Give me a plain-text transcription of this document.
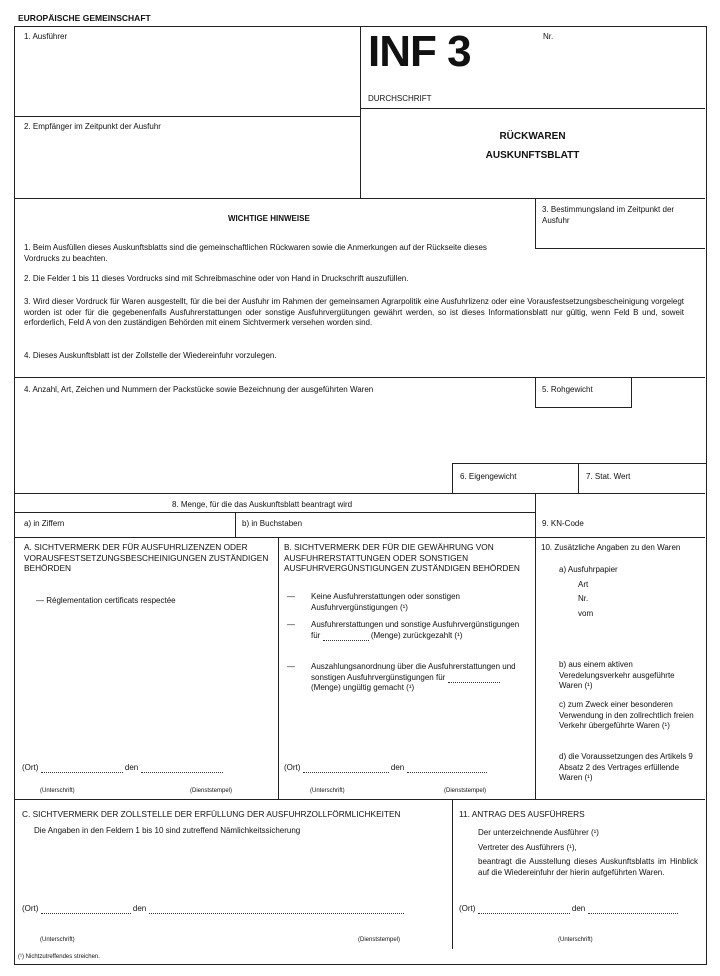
EUROPÄISCHE GEMEINSCHAFT
1. Ausführer	INF 3	Nr.
DURCHSCHRIFT
2. Empfänger im Zeitpunkt der Ausfuhr
RÜCKWAREN
AUSKUNFTSBLATT
3. Bestimmungsland im Zeitpunkt der Ausfuhr
WICHTIGE HINWEISE
1. Beim Ausfüllen dieses Auskunftsblatts sind die gemeinschaftlichen Rückwaren sowie die Anmerkungen auf der Rückseite dieses Vordrucks zu beachten.
2. Die Felder 1 bis 11 dieses Vordrucks sind mit Schreibmaschine oder von Hand in Druckschrift auszufüllen.
3. Wird dieser Vordruck für Waren ausgestellt, für die bei der Ausfuhr im Rahmen der gemeinsamen Agrarpolitik eine Ausfuhrlizenz oder eine Vorausfestsetzungsbescheinigung vorgelegt worden ist oder für die gegebenenfalls Ausfuhrerstattungen oder sonstige Ausfuhrvergütungen gewährt werden, so ist dieses Informationsblatt nur gültig, wenn Feld B und, soweit erforderlich, Feld A von den zuständigen Behörden mit einem Sichtvermerk versehen worden sind.
4. Dieses Auskunftsblatt ist der Zollstelle der Wiedereinfuhr vorzulegen.
4. Anzahl, Art, Zeichen und Nummern der Packstücke sowie Bezeichnung der ausgeführten Waren	5. Rohgewicht
6. Eigengewicht	7. Stat. Wert
8. Menge, für die das Auskunftsblatt beantragt wird
a) in Ziffern	b) in Buchstaben	9. KN-Code
A. SICHTVERMERK DER FÜR AUSFUHRLIZENZEN ODER VORAUSFESTSETZUNGSBESCHEINIGUNGEN ZUSTÄNDIGEN BEHÖRDEN
— Réglementation certificats respectée
(Ort)	den
(Unterschrift)	(Dienststempel)
B. SICHTVERMERK DER FÜR DIE GEWÄHRUNG VON AUSFUHRERSTATTUNGEN ODER SONSTIGEN AUSFUHRVERGÜNSTIGUNGEN ZUSTÄNDIGEN BEHÖRDEN
— Keine Ausfuhrerstattungen oder sonstigen Ausfuhrvergünstigungen (¹)
— Ausfuhrerstattungen und sonstige Ausfuhrvergünstigungen für	(Menge) zurückgezahlt (¹)
— Auszahlungsanordnung über die Ausfuhrerstattungen und sonstigen Ausfuhrvergünstigungen für  (Menge) ungültig gemacht (¹)
(Ort)	den
(Unterschrift)	(Dienststempel)
10. Zusätzliche Angaben zu den Waren
a) Ausfuhrpapier
Art
Nr.
vom
b) aus einem aktiven Veredelungsverkehr ausgeführte Waren (¹)
c) zum Zweck einer besonderen Verwendung in den zollrechtlich freien Verkehr übergeführte Waren (¹)
d) die Voraussetzungen des Artikels 9 Absatz 2 des Vertrages erfüllende Waren (¹)
C. SICHTVERMERK DER ZOLLSTELLE DER ERFÜLLUNG DER AUSFUHRZOLLFÖRMLICHKEITEN
Die Angaben in den Feldern 1 bis 10 sind zutreffend Nämlichkeitssicherung
(Ort)	den
(Unterschrift)	(Dienststempel)
11. ANTRAG DES AUSFÜHRERS
Der unterzeichnende Ausführer (¹)
Vertreter des Ausführers (¹),
beantragt die Ausstellung dieses Auskunftsblatts im Hinblick auf die Wiedereinfuhr der hierin aufgeführten Waren.
(Ort)	den
(Unterschrift)
(¹) Nichtzutreffendes streichen.
